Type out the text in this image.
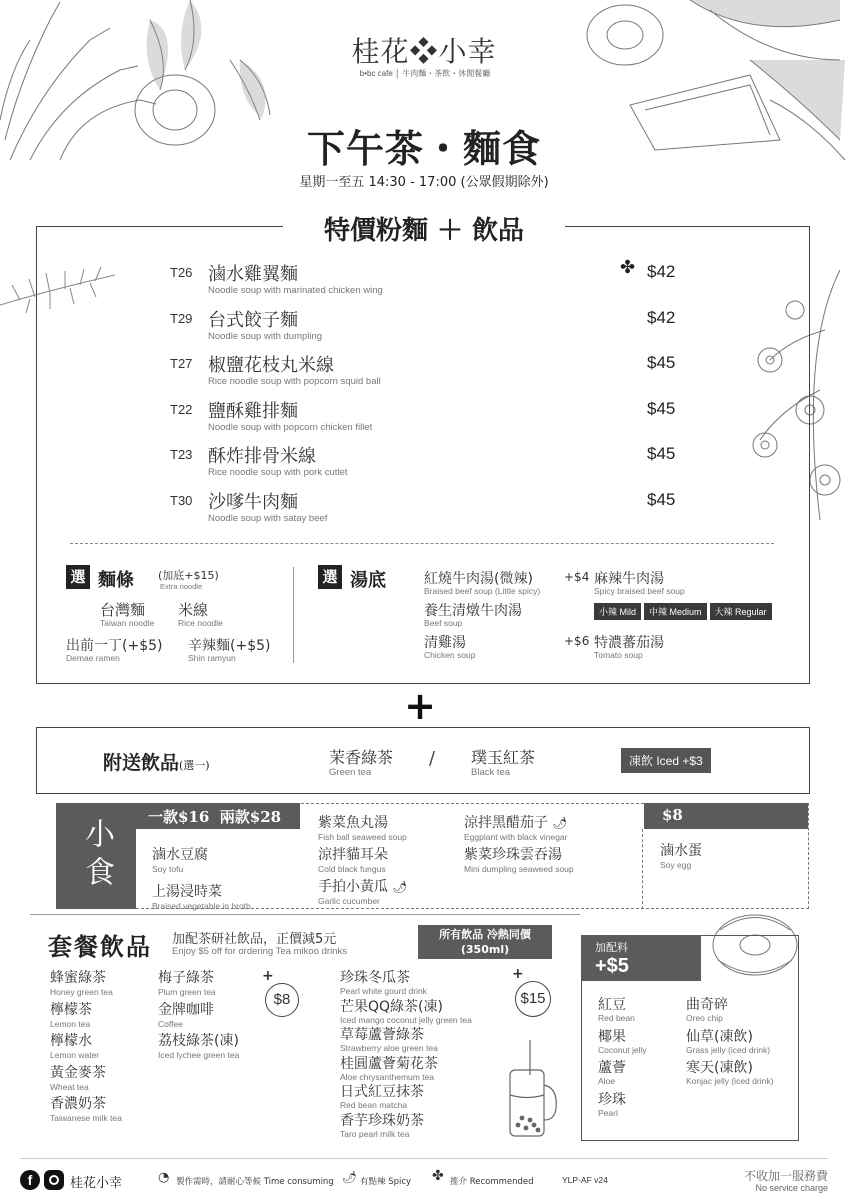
桂花❖小幸
b•bc cafe │ 牛肉麵・茶飲・休閒餐廳
下午茶・麵食
星期一至五 14:30 - 17:00 (公眾假期除外)
特價粉麵 ＋ 飲品
T26 滷水雞翼麵
Noodle soup with marinated chicken wing
✤ $42
T29 台式餃子麵
Noodle soup with dumpling
$42
T27 椒鹽花枝丸米線
Rice noodle soup with popcorn squid ball
$45
T22 鹽酥雞排麵
Noodle soup with popcorn chicken fillet
$45
T23 酥炸排骨米線
Rice noodle soup with pork cutlet
$45
T30 沙嗲牛肉麵
Noodle soup with satay beef
$45
選 麵條 (加底+$15)
Extra noodle
台灣麵
Taiwan noodle
米線
Rice noodle
出前一丁(+$5)
Demae ramen
辛辣麵(+$5)
Shin ramyun
選 湯底	紅燒牛肉湯(微辣)
Braised beef soup (Little spicy)
養生清燉牛肉湯
Beef soup
清雞湯
Chicken soup
+$4 麻辣牛肉湯
Spicy braised beef soup
小辣 Mild 中辣 Medium 大辣 Regular
+$6 特濃蕃茄湯
Tomato soup
+
附送飲品(選一)	茉香綠茶
Green tea
/ 璞玉紅茶
Black tea
凍飲 Iced +$3
小食
一款$16  兩款$28	$8
滷水豆腐
Soy tofu
上湯浸時菜
Braised vegetable in broth
紫菜魚丸湯
Fish ball seaweed soup
涼拌貓耳朵
Cold black fungus
手拍小黃瓜 🌶
Garlic cucumber
涼拌黑醋茄子 🌶
Eggplant with black vinegar
紫菜珍珠雲吞湯
Mini dumpling seaweed soup
滷水蛋
Soy egg
套餐飲品 加配茶研社飲品，正價減5元
Enjoy $5 off for ordering Tea mikoo drinks
所有飲品 冷熱同價
(350ml)
蜂蜜綠茶
Honey green tea
檸檬茶
Lemon tea
檸檬水
Lemon water
黃金麥茶
Wheat tea
香濃奶茶
Taiwanese milk tea
梅子綠茶
Plum green tea
金牌咖啡
Coffee
荔枝綠茶(凍)
Iced lychee green tea
$8
+	珍珠冬瓜茶
Pearl white gourd drink
芒果QQ綠茶(凍)
Iced mango coconut jelly green tea
草莓蘆薈綠茶
Strawberry aloe green tea
桂圓蘆薈菊花茶
Aloe chrysanthemum tea
日式紅豆抹茶
Red bean matcha
香芋珍珠奶茶
Taro pearl milk tea
$15
+
加配料
+$5
紅豆
Red bean
椰果
Coconut jelly
蘆薈
Aloe
珍珠
Pearl
曲奇碎
Oreo chip
仙草(凍飲)
Grass jelly (iced drink)
寒天(凍飲)
Konjac jelly (iced drink)
f	桂花小幸	◔ 製作需時，請耐心等候 Time consuming 🌶 有點辣 Spicy ✤ 推介 Recommended	YLP-AF v24	不收加一服務費
No service charge
